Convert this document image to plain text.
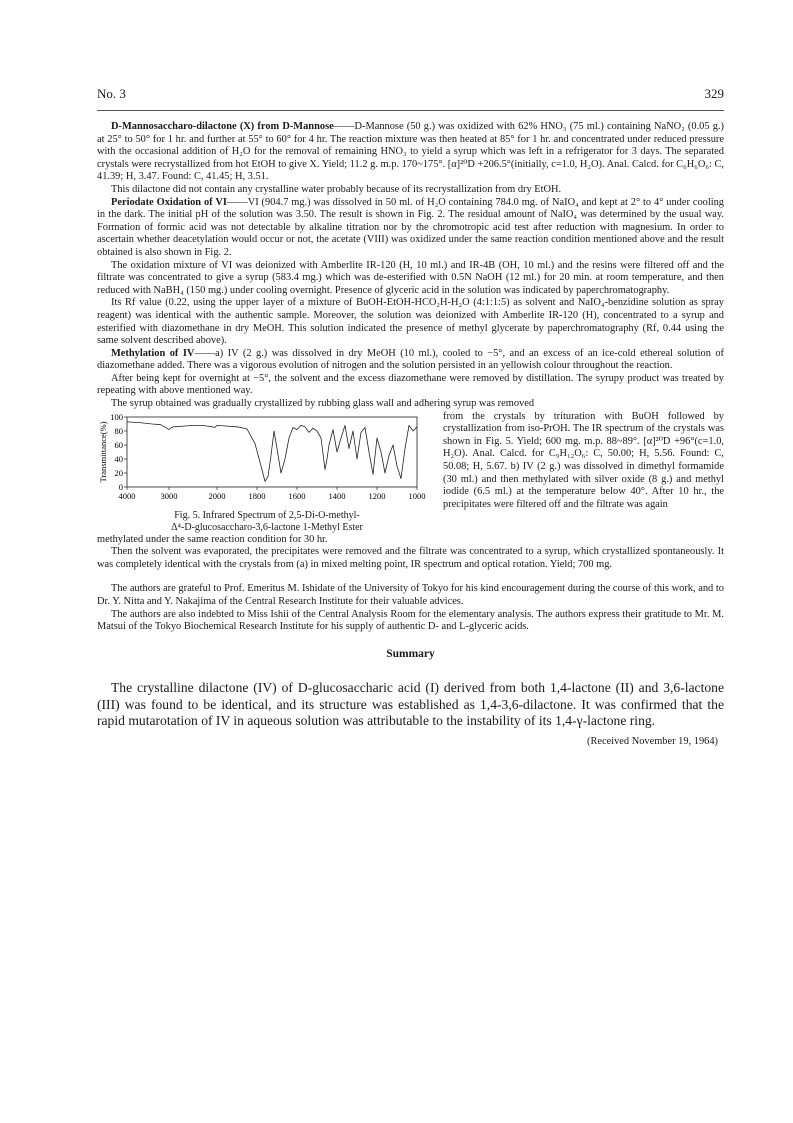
No. 3	329

D-Mannosaccharo-dilactone (X) from D-Mannose——D-Mannose (50 g.) was oxidized with 62% HNO₃ (75 ml.) containing NaNO₂ (0.05 g.) at 25° to 50° for 1 hr. and further at 55° to 60° for 4 hr. The reaction mixture was then heated at 85° for 1 hr. and concentrated under reduced pressure with the occasional addition of H₂O for the removal of remaining HNO₃ to yield a syrup which was left in a refrigerator for 3 days. The separated crystals were recrystallized from hot EtOH to give X. Yield; 11.2 g. m.p. 170~175°. [α]²⁰D +206.5°(initially, c=1.0, H₂O). Anal. Calcd. for C₆H₆O₆: C, 41.39; H, 3.47. Found: C, 41.45; H, 3.51.

This dilactone did not contain any crystalline water probably because of its recrystallization from dry EtOH.

Periodate Oxidation of VI——VI (904.7 mg.) was dissolved in 50 ml. of H₂O containing 784.0 mg. of NaIO₄ and kept at 2° to 4° under cooling in the dark. The initial pH of the solution was 3.50. The result is shown in Fig. 2. The residual amount of NaIO₄ was determined by the usual way. Formation of formic acid was not detectable by alkaline titration nor by the chromotropic acid test after reduction with magnesium. In order to ascertain whether deacetylation would occur or not, the acetate (VIII) was oxidized under the same reaction condition mentioned above and the result obtained is also shown in Fig. 2.

The oxidation mixture of VI was deionized with Amberlite IR-120 (H, 10 ml.) and IR-4B (OH, 10 ml.) and the resins were filtered off and the filtrate was concentrated to give a syrup (583.4 mg.) which was de-esterified with 0.5N NaOH (12 ml.) for 20 min. at room temperature, and then reduced with NaBH₄ (150 mg.) under cooling overnight. Presence of glyceric acid in the solution was indicated by paperchromatography.

Its Rf value (0.22, using the upper layer of a mixture of BuOH-EtOH-HCO₂H-H₂O (4:1:1:5) as solvent and NaIO₄-benzidine solution as spray reagent) was identical with the authentic sample. Moreover, the solution was deionized with Amberlite IR-120 (H), concentrated to a syrup and esterified with diazomethane in dry MeOH. This solution indicated the presence of methyl glycerate by paperchromatography (Rf, 0.44 using the same solvent described above).

Methylation of IV——a) IV (2 g.) was dissolved in dry MeOH (10 ml.), cooled to −5°, and an excess of an ice-cold ethereal solution of diazomethane added. There was a vigorous evolution of nitrogen and the solution persisted in an yellowish colour throughout the reaction.

After being kept for overnight at −5°, the solvent and the excess diazomethane were removed by distillation. The syrupy product was treated by repeating with above mentioned way.

The syrup obtained was gradually crystallized by rubbing glass wall and adhering syrup was removed

Transmittance(%)
0
20
40
60
80
100
4000	3000	2000	1800	1600	1400	1200	1000
Fig. 5. Infrared Spectrum of 2,5-Di-O-methyl-
Δ⁴-D-glucosaccharo-3,6-lactone 1-Methyl Ester

from the crystals by trituration with BuOH followed by crystallization from iso-PrOH. The IR spectrum of the crystals was shown in Fig. 5. Yield; 600 mg. m.p. 88~89°. [α]²⁰D +96°(c=1.0, H₂O). Anal. Calcd. for C₉H₁₂O₆: C, 50.00; H, 5.56. Found: C, 50.08; H, 5.67. b) IV (2 g.) was dissolved in dimethyl formamide (30 ml.) and then methylated with silver oxide (8 g.) and methyl iodide (6.5 ml.) at the temperature below 40°. After 10 hr., the precipitates were filtered off and the filtrate was again

methylated under the same reaction condition for 30 hr.

Then the solvent was evaporated, the precipitates were removed and the filtrate was concentrated to a syrup, which crystallized spontaneously. It was completely identical with the crystals from (a) in mixed melting point, IR spectrum and optical rotation. Yield; 700 mg.

The authors are grateful to Prof. Emeritus M. Ishidate of the University of Tokyo for his kind encouragement during the course of this work, and to Dr. Y. Nitta and Y. Nakajima of the Central Research Institute for their valuable advices.

The authors are also indebted to Miss Ishii of the Central Analysis Room for the elementary analysis. The authors express their gratitude to Mr. M. Matsui of the Tokyo Biochemical Research Institute for his supply of authentic D- and L-glyceric acids.

Summary

The crystalline dilactone (IV) of D-glucosaccharic acid (I) derived from both 1,4-lactone (II) and 3,6-lactone (III) was found to be identical, and its structure was established as 1,4-3,6-dilactone. It was confirmed that the rapid mutarotation of IV in aqueous solution was attributable to the instability of its 1,4-γ-lactone ring.

(Received November 19, 1964)
